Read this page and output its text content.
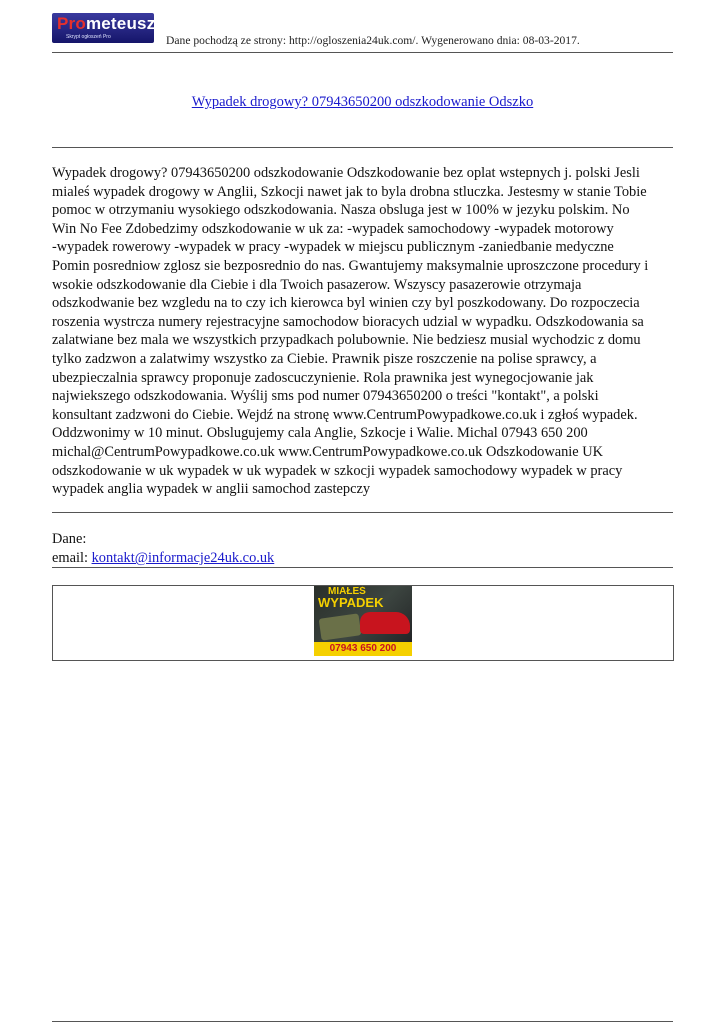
Prometeusz
Skrypt ogłoszeń Pro	Dane pochodzą ze strony: http://ogloszenia24uk.com/. Wygenerowano dnia: 08-03-2017.
Wypadek drogowy? 07943650200 odszkodowanie Odszko

Wypadek drogowy? 07943650200 odszkodowanie Odszkodowanie bez oplat wstepnych j. polski Jesli
mialeś wypadek drogowy w Anglii, Szkocji nawet jak to byla drobna stluczka. Jestesmy w stanie Tobie
pomoc w otrzymaniu wysokiego odszkodowania. Nasza obsluga jest w 100% w jezyku polskim. No
Win No Fee Zdobedzimy odszkodowanie w uk za: -wypadek samochodowy -wypadek motorowy
-wypadek rowerowy -wypadek w pracy -wypadek w miejscu publicznym -zaniedbanie medyczne
Pomin posredniow zglosz sie bezposrednio do nas. Gwantujemy maksymalnie uproszczone procedury i
wsokie odszkodowanie dla Ciebie i dla Twoich pasazerow. Wszyscy pasazerowie otrzymaja
odszkodwanie bez wzgledu na to czy ich kierowca byl winien czy byl poszkodowany. Do rozpoczecia
roszenia wystrcza numery rejestracyjne samochodow bioracych udzial w wypadku. Odszkodowania sa
zalatwiane bez mala we wszystkich przypadkach polubownie. Nie bedziesz musial wychodzic z domu
tylko zadzwon a zalatwimy wszystko za Ciebie. Prawnik pisze roszczenie na polise sprawcy, a
ubezpieczalnia sprawcy proponuje zadoscuczynienie. Rola prawnika jest wynegocjowanie jak
najwiekszego odszkodowania. Wyślij sms pod numer 07943650200 o treści "kontakt", a polski
konsultant zadzwoni do Ciebie. Wejdź na stronę www.CentrumPowypadkowe.co.uk i zgłoś wypadek.
Oddzwonimy w 10 minut. Obslugujemy cala Anglie, Szkocje i Walie. Michal 07943 650 200
michal@CentrumPowypadkowe.co.uk www.CentrumPowypadkowe.co.uk Odszkodowanie UK
odszkodowanie w uk wypadek w uk wypadek w szkocji wypadek samochodowy wypadek w pracy
wypadek anglia wypadek w anglii samochod zastepczy

Dane:
email: kontakt@informacje24uk.co.uk
MIAŁEŚ
WYPADEK
07943 650 200
